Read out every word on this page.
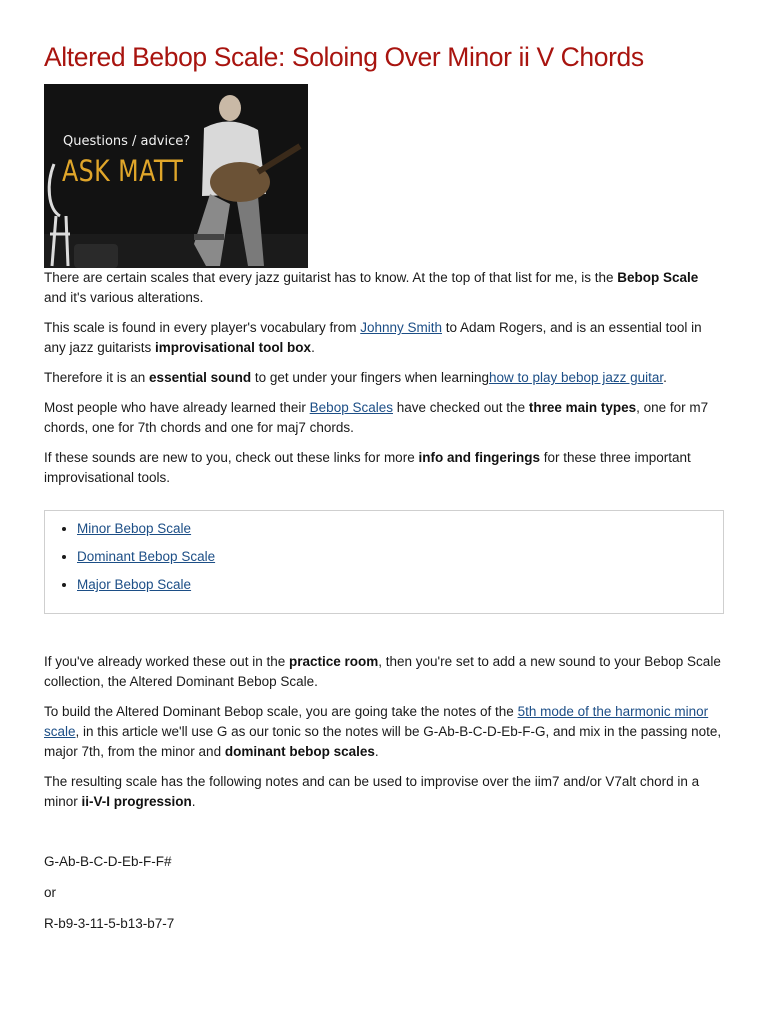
Altered Bebop Scale: Soloing Over Minor ii V Chords
Questions / advice?
ASK MATT

There are certain scales that every jazz guitarist has to know. At the top of that list for me, is the Bebop Scale and it's various alterations.

This scale is found in every player's vocabulary from Johnny Smith to Adam Rogers, and is an essential tool in any jazz guitarists improvisational tool box.

Therefore it is an essential sound to get under your fingers when learninghow to play bebop jazz guitar.

Most people who have already learned their Bebop Scales have checked out the three main types, one for m7 chords, one for 7th chords and one for maj7 chords.

If these sounds are new to you, check out these links for more info and fingerings for these three important improvisational tools.

• Minor Bebop Scale
• Dominant Bebop Scale
• Major Bebop Scale

If you've already worked these out in the practice room, then you're set to add a new sound to your Bebop Scale collection, the Altered Dominant Bebop Scale.

To build the Altered Dominant Bebop scale, you are going take the notes of the 5th mode of the harmonic minor scale, in this article we'll use G as our tonic so the notes will be G-Ab-B-C-D-Eb-F-G, and mix in the passing note, major 7th, from the minor and dominant bebop scales.

The resulting scale has the following notes and can be used to improvise over the iim7 and/or V7alt chord in a minor ii-V-I progression.

G-Ab-B-C-D-Eb-F-F#

or

R-b9-3-11-5-b13-b7-7
